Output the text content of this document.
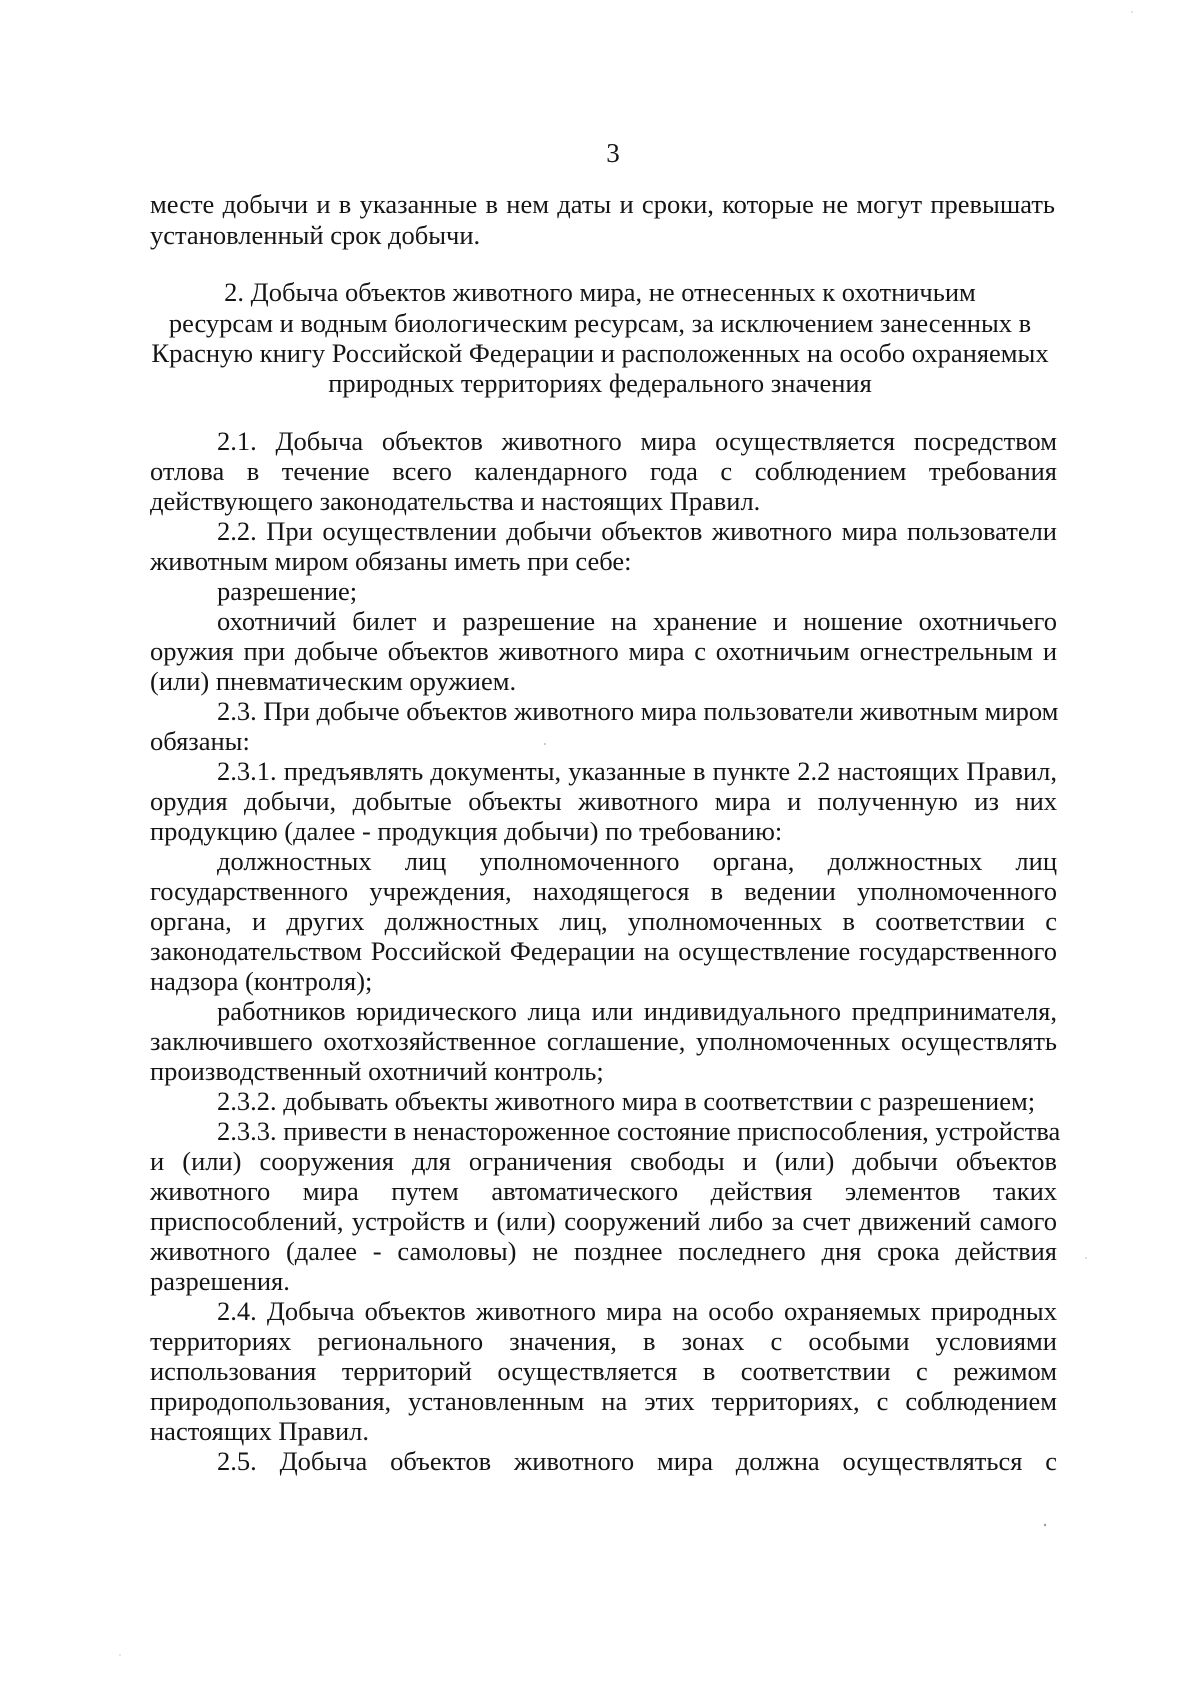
3
месте добычи и в указанные в нем даты и сроки, которые не могут превышать
установленный срок добычи.
2. Добыча объектов животного мира, не отнесенных к охотничьим
ресурсам и водным биологическим ресурсам, за исключением занесенных в
Красную книгу Российской Федерации и расположенных на особо охраняемых
природных территориях федерального значения
2.1. Добыча объектов животного мира осуществляется посредством
отлова в течение всего календарного года с соблюдением требования
действующего законодательства и настоящих Правил.
2.2. При осуществлении добычи объектов животного мира пользователи
животным миром обязаны иметь при себе:
разрешение;
охотничий билет и разрешение на хранение и ношение охотничьего
оружия при добыче объектов животного мира с охотничьим огнестрельным и
(или) пневматическим оружием.
2.3. При добыче объектов животного мира пользователи животным миром
обязаны:
2.3.1. предъявлять документы, указанные в пункте 2.2 настоящих Правил,
орудия добычи, добытые объекты животного мира и полученную из них
продукцию (далее - продукция добычи) по требованию:
должностных лиц уполномоченного органа, должностных лиц
государственного учреждения, находящегося в ведении уполномоченного
органа, и других должностных лиц, уполномоченных в соответствии с
законодательством Российской Федерации на осуществление государственного
надзора (контроля);
работников юридического лица или индивидуального предпринимателя,
заключившего охотхозяйственное соглашение, уполномоченных осуществлять
производственный охотничий контроль;
2.3.2. добывать объекты животного мира в соответствии с разрешением;
2.3.3. привести в ненастороженное состояние приспособления, устройства
и (или) сооружения для ограничения свободы и (или) добычи объектов
животного мира путем автоматического действия элементов таких
приспособлений, устройств и (или) сооружений либо за счет движений самого
животного (далее - самоловы) не позднее последнего дня срока действия
разрешения.
2.4. Добыча объектов животного мира на особо охраняемых природных
территориях регионального значения, в зонах с особыми условиями
использования территорий осуществляется в соответствии с режимом
природопользования, установленным на этих территориях, с соблюдением
настоящих Правил.
2.5. Добыча объектов животного мира должна осуществляться с
